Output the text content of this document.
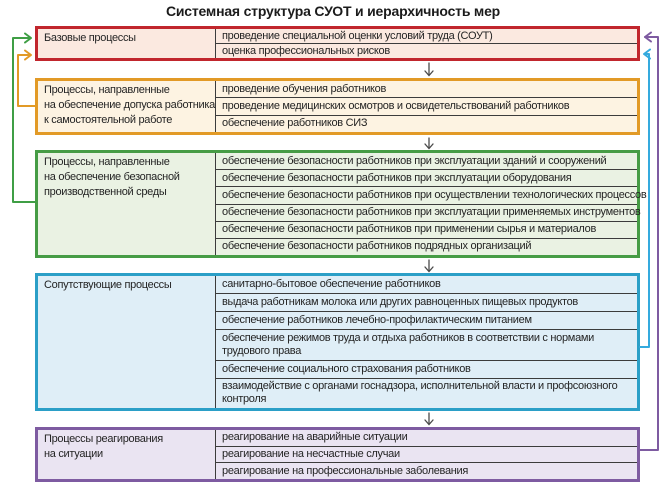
Системная структура СУОТ и иерархичность мер
Базовые процессы	проведение специальной оценки условий труда (СОУТ)
оценка профессиональных рисков
Процессы, направленные
на обеспечение допуска работника
к самостоятельной работе
проведение обучения работников
проведение медицинских осмотров и освидетельствований работников
обеспечение работников СИЗ
Процессы, направленные
на обеспечение безопасной
производственной среды
обеспечение безопасности работников при эксплуатации зданий и сооружений
обеспечение безопасности работников при эксплуатации оборудования
обеспечение безопасности работников при осуществлении технологических процессов
обеспечение безопасности работников при эксплуатации применяемых инструментов
обеспечение безопасности работников при применении сырья и материалов
обеспечение безопасности работников подрядных организаций
Сопутствующие процессы	санитарно-бытовое обеспечение работников
выдача работникам молока или других равноценных пищевых продуктов
обеспечение работников лечебно-профилактическим питанием
обеспечение режимов труда и отдыха работников в соответствии с нормами трудового права
обеспечение социального страхования работников
взаимодействие с органами госнадзора, исполнительной власти и профсоюзного контроля
Процессы реагирования
на ситуации
реагирование на аварийные ситуации
реагирование на несчастные случаи
реагирование на профессиональные заболевания
